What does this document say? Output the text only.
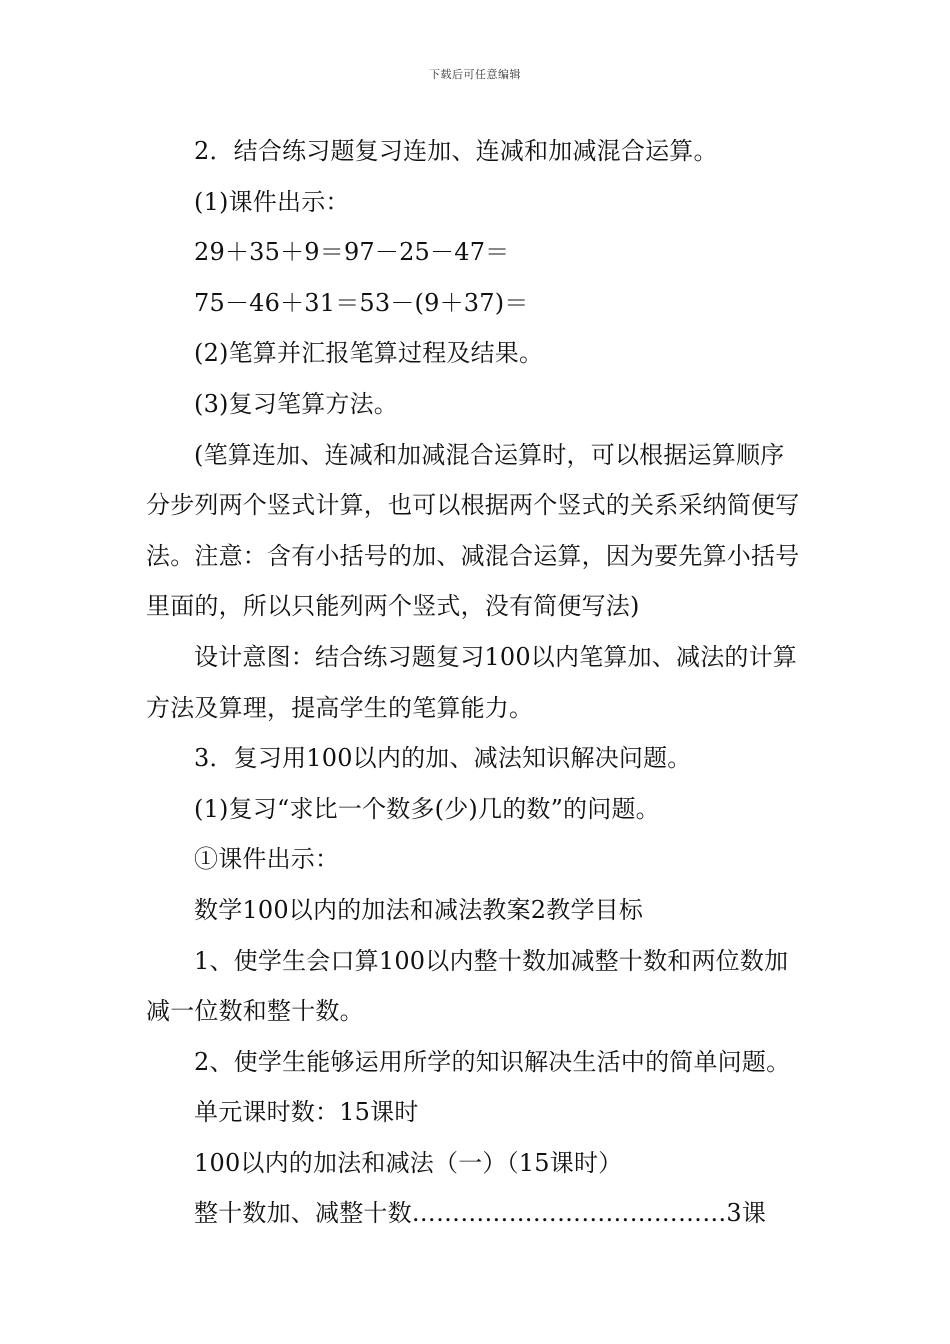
下载后可任意编辑

2．结合练习题复习连加、连减和加减混合运算。

(1)课件出示：

29＋35＋9＝97－25－47＝

75－46＋31＝53－(9＋37)＝

(2)笔算并汇报笔算过程及结果。

(3)复习笔算方法。

(笔算连加、连减和加减混合运算时，可以根据运算顺序分步列两个竖式计算，也可以根据两个竖式的关系采纳简便写法。注意：含有小括号的加、减混合运算，因为要先算小括号里面的，所以只能列两个竖式，没有简便写法)

设计意图：结合练习题复习100以内笔算加、减法的计算方法及算理，提高学生的笔算能力。

3．复习用100以内的加、减法知识解决问题。

(1)复习“求比一个数多(少)几的数”的问题。

①课件出示：

数学100以内的加法和减法教案2教学目标

1、使学生会口算100以内整十数加减整十数和两位数加减一位数和整十数。

2、使学生能够运用所学的知识解决生活中的简单问题。

单元课时数：15课时

100以内的加法和减法（一）（15课时）

整十数加、减整十数…………………………………3课
